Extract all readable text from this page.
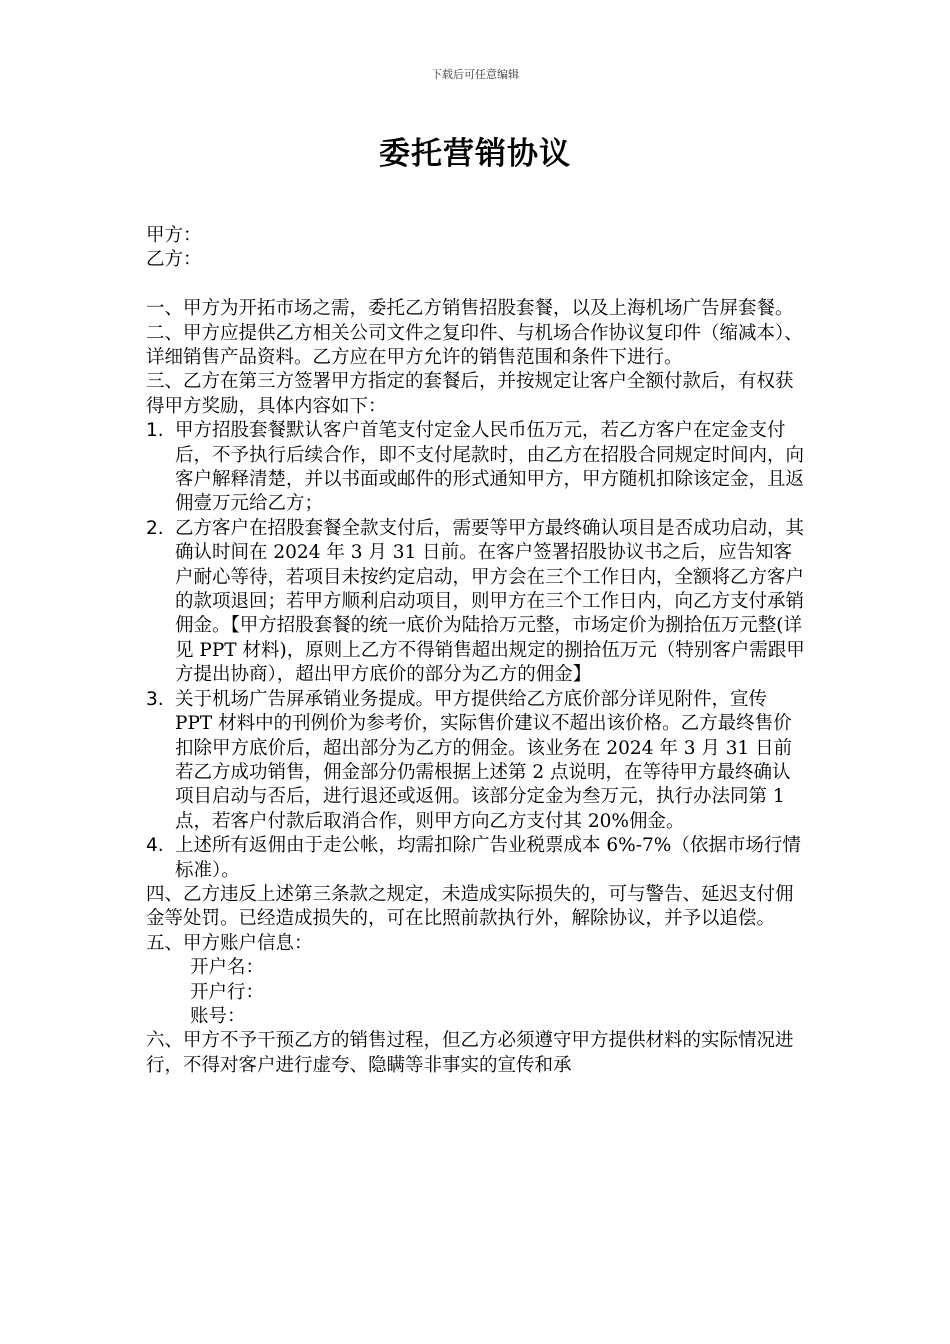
下载后可任意编辑
委托营销协议

甲方：

乙方：

一、甲方为开拓市场之需，委托乙方销售招股套餐，以及上海机场广告屏套餐。

二、甲方应提供乙方相关公司文件之复印件、与机场合作协议复印件（缩减本）、详细销售产品资料。乙方应在甲方允许的销售范围和条件下进行。

三、乙方在第三方签署甲方指定的套餐后，并按规定让客户全额付款后，有权获得甲方奖励，具体内容如下：

1. 甲方招股套餐默认客户首笔支付定金人民币伍万元，若乙方客户在定金支付后，不予执行后续合作，即不支付尾款时，由乙方在招股合同规定时间内，向客户解释清楚，并以书面或邮件的形式通知甲方，甲方随机扣除该定金，且返佣壹万元给乙方；
2. 乙方客户在招股套餐全款支付后，需要等甲方最终确认项目是否成功启动，其确认时间在 2024 年 3 月 31 日前。在客户签署招股协议书之后，应告知客户耐心等待，若项目未按约定启动，甲方会在三个工作日内，全额将乙方客户的款项退回；若甲方顺利启动项目，则甲方在三个工作日内，向乙方支付承销佣金。【甲方招股套餐的统一底价为陆拾万元整，市场定价为捌拾伍万元整(详见 PPT 材料)，原则上乙方不得销售超出规定的捌拾伍万元（特别客户需跟甲方提出协商），超出甲方底价的部分为乙方的佣金】
3. 关于机场广告屏承销业务提成。甲方提供给乙方底价部分详见附件，宣传 PPT 材料中的刊例价为参考价，实际售价建议不超出该价格。乙方最终售价扣除甲方底价后，超出部分为乙方的佣金。该业务在 2024 年 3 月 31 日前若乙方成功销售，佣金部分仍需根据上述第 2 点说明，在等待甲方最终确认项目启动与否后，进行退还或返佣。该部分定金为叁万元，执行办法同第 1 点，若客户付款后取消合作，则甲方向乙方支付其 20%佣金。
4. 上述所有返佣由于走公帐，均需扣除广告业税票成本 6%-7%（依据市场行情标准）。

四、乙方违反上述第三条款之规定，未造成实际损失的，可与警告、延迟支付佣金等处罚。已经造成损失的，可在比照前款执行外，解除协议，并予以追偿。

五、甲方账户信息：

开户名：

开户行：

账号：

六、甲方不予干预乙方的销售过程，但乙方必须遵守甲方提供材料的实际情况进行，不得对客户进行虚夸、隐瞒等非事实的宣传和承
